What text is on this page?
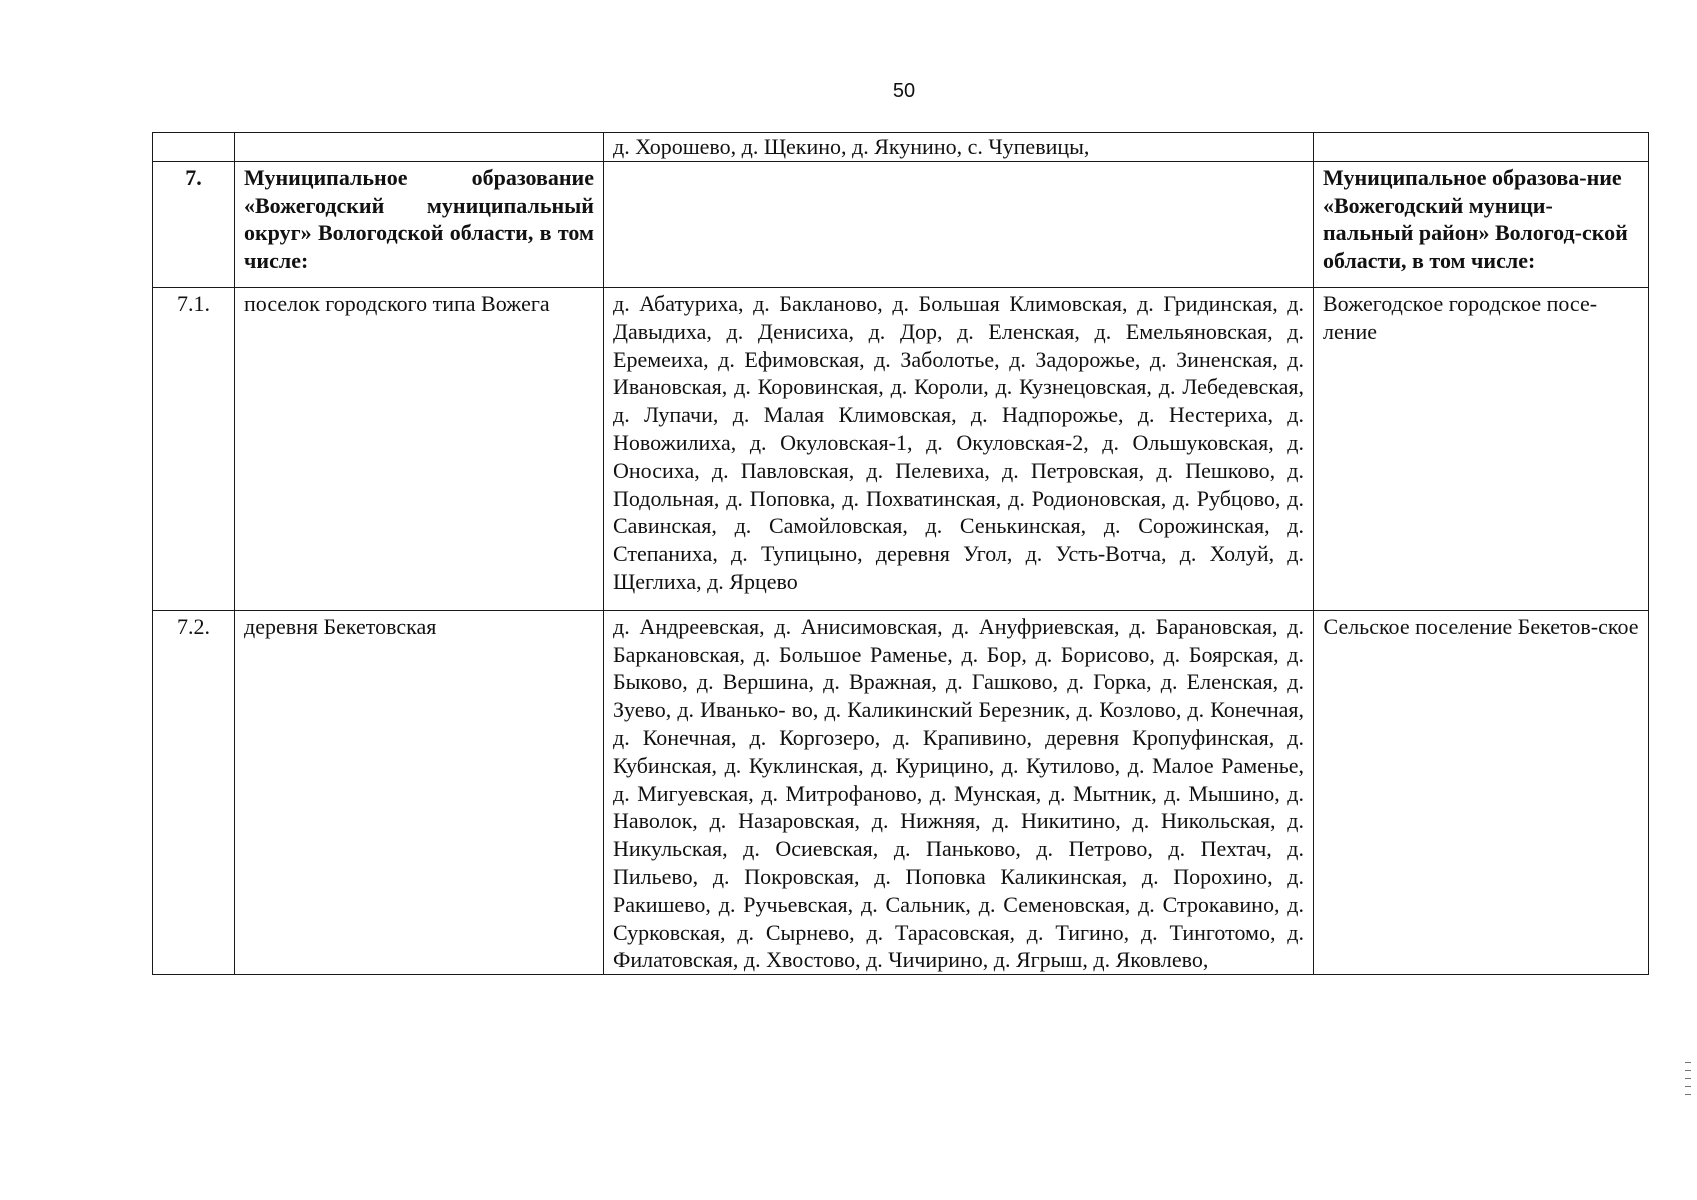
50
		д. Хорошево, д. Щекино, д. Якунино, с. Чупевицы,	
7.	Муниципальное образование «Вожегодский муниципальный округ» Вологодской области, в том числе:		Муниципальное образова-ние «Вожегодский муници-пальный район» Вологод-ской области, в том числе:
7.1.	поселок городского типа Вожега	д. Абатуриха, д. Бакланово, д. Большая Климовская, д. Гридинская, д. Давыдиха, д. Денисиха, д. Дор, д. Еленская, д. Емельяновская, д. Еремеиха, д. Ефимовская, д. Заболотье, д. Задорожье, д. Зиненская, д. Ивановская, д. Коровинская, д. Короли, д. Кузнецовская, д. Лебедевская, д. Лупачи, д. Малая Климовская, д. Надпорожье, д. Нестериха, д. Новожилиха, д. Окуловская-1, д. Окуловская-2, д. Ольшуковская, д. Оносиха, д. Павловская, д. Пелевиха, д. Петровская, д. Пешково, д. Подольная, д. Поповка, д. Похватинская, д. Родионовская, д. Рубцово, д. Савинская, д. Самойловская, д. Сенькинская, д. Сорожинская, д. Степаниха, д. Тупицыно, деревня Угол, д. Усть-Вотча, д. Холуй, д. Щеглиха, д. Ярцево	Вожегодское городское посе-ление
7.2.	деревня Бекетовская	д. Андреевская, д. Анисимовская, д. Ануфриевская, д. Барановская, д. Баркановская, д. Большое Раменье, д. Бор, д. Борисово, д. Боярская, д. Быково, д. Вершина, д. Вражная, д. Гашково, д. Горка, д. Еленская, д. Зуево, д. Иванько- во, д. Каликинский Березник, д. Козлово, д. Конечная, д. Конечная, д. Коргозеро, д. Крапивино, деревня Кропуфинская, д. Кубинская, д. Куклинская, д. Курицино, д. Кутилово, д. Малое Раменье, д. Мигуевская, д. Митрофаново, д. Мунская, д. Мытник, д. Мышино, д. Наволок, д. Назаровская, д. Нижняя, д. Никитино, д. Никольская, д. Никульская, д. Осиевская, д. Паньково, д. Петрово, д. Пехтач, д. Пильево, д. Покровская, д. Поповка Каликинская, д. Порохино, д. Ракишево, д. Ручьевская, д. Сальник, д. Семеновская, д. Строкавино, д. Сурковская, д. Сырнево, д. Тарасовская, д. Тигино, д. Тинготомо, д. Филатовская, д. Хвостово, д. Чичирино, д. Ягрыш, д. Яковлево,	Сельское поселение Бекетов-ское
